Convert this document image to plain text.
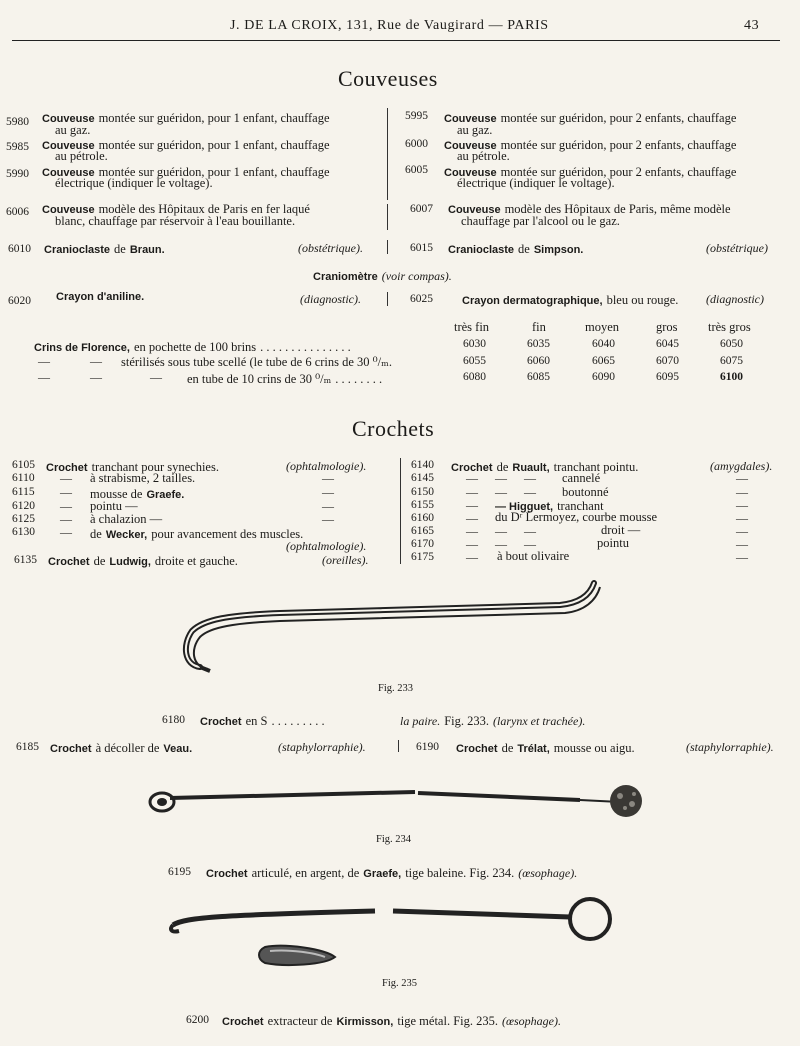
J. DE LA CROIX, 131, Rue de Vaugirard — PARIS	43
Couveuses
5980 Couveuse montée sur guéridon, pour 1 enfant, chauffage
au gaz.
5985 Couveuse montée sur guéridon, pour 1 enfant, chauffage
au pétrole.
5990 Couveuse montée sur guéridon, pour 1 enfant, chauffage
électrique (indiquer le voltage).
6006 Couveuse modèle des Hôpitaux de Paris en fer laqué
blanc, chauffage par réservoir à l'eau bouillante.
5995 Couveuse montée sur guéridon, pour 2 enfants, chauffage
au gaz.
6000 Couveuse montée sur guéridon, pour 2 enfants, chauffage
au pétrole.
6005 Couveuse montée sur guéridon, pour 2 enfants, chauffage
électrique (indiquer le voltage).
6007 Couveuse modèle des Hôpitaux de Paris, même modèle
chauffage par l'alcool ou le gaz.
6010 Cranioclaste de Braun.	(obstétrique).	6015 Cranioclaste de Simpson.	(obstétrique)
Craniomètre (voir compas).
6020 Crayon d'aniline.	(diagnostic).	6025	Crayon dermatographique, bleu ou rouge. (diagnostic)
très fin	fin	moyen	gros très gros
Crins de Florence, en pochette de 100 brins . . . . . . . . . . . . . . .	6030	6035	6040	6045	6050
—	— stérilisés sous tube scellé (le tube de 6 crins de 30 ⁰/ₘ.	6055	6060	6065	6070	6075
—	—	— en tube de 10 crins de 30 ⁰/ₘ . . . . . . . .	6080	6085	6090	6095	6100
Crochets
6105 Crochet tranchant pour synechies.	(ophtalmologie).
6110 — à strabisme, 2 tailles.	—
6115 — mousse de Graefe.	—
6120 — pointu —	—
6125 — à chalazion —	—
6130 — de Wecker, pour avancement des muscles.
(ophtalmologie).
6135 Crochet de Ludwig, droite et gauche.	(oreilles).
6140 Crochet de Ruault, tranchant pointu.	(amygdales).
6145	— — — cannelé	—
6150	— — — boutonné	—
6155	— — Higguet, tranchant	—
6160	— du Dʳ Lermoyez, courbe mousse	—
6165	— — —	droit —	—
6170	— — —	pointu	—
6175	— à bout olivaire	—
Fig. 233
6180 Crochet en S . . . . . . . . .	la paire. Fig. 233. (larynx et trachée).
6185 Crochet à décoller de Veau.	(staphylorraphie).	6190 Crochet de Trélat, mousse ou aigu.	(staphylorraphie).
Fig. 234
6195 Crochet articulé, en argent, de Graefe, tige baleine. Fig. 234. (œsophage).
Fig. 235
6200 Crochet extracteur de Kirmisson, tige métal. Fig. 235. (œsophage).
